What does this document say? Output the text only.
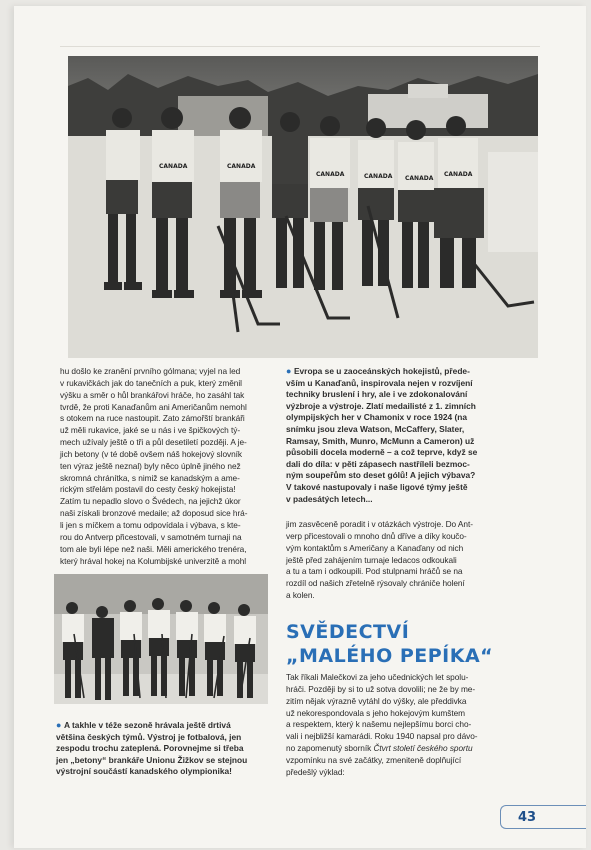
CANADA	CANADA
CANADA	CANADA CANADA
CANADA
hu došlo ke zranění prvního gólmana; vyjel na led
v rukavičkách jak do tanečních a puk, který změnil
výšku a směr o hůl brankářovi hráče, ho zasáhl tak
tvrdě, že proti Kanaďanům ani Američanům nemohl
s otokem na ruce nastoupit. Zato zámořští brankáři
už měli rukavice, jaké se u nás i ve špičkových tý-
mech užívaly ještě o tři a půl desetiletí později. A je-
jich betony (v té době ovšem náš hokejový slovník
ten výraz ještě neznal) byly něco úplně jiného než
skromná chránítka, s nimiž se kanadským a ame-
rickým střelám postavil do cesty český hokejista!
Zatím tu nepadlo slovo o Švédech, na jejichž úkor
naši získali bronzové medaile; až doposud sice hrá-
li jen s míčkem a tomu odpovídala i výbava, s kte-
rou do Antverp přicestovali, v samotném turnaji na
tom ale byli lépe než naši. Měli amerického trenéra,
který hrával hokej na Kolumbijské univerzitě a mohl
● Evropa se u zaoceánských hokejistů, přede-
vším u Kanaďanů, inspirovala nejen v rozvíjení
techniky bruslení i hry, ale i ve zdokonalování
výzbroje a výstroje. Zlatí medailisté z 1. zimních
olympijských her v Chamonix v roce 1924 (na
snímku jsou zleva Watson, McCaffery, Slater,
Ramsay, Smith, Munro, McMunn a Cameron) už
působili docela moderně – a což teprve, když se
dali do díla: v pěti zápasech nastříleli bezmoc-
ným soupeřům sto deset gólů! A jejich výbava?
V takové nastupovaly i naše ligové týmy ještě
v padesátých letech...
jim zasvěceně poradit i v otázkách výstroje. Do Ant-
verp přicestovali o mnoho dnů dříve a díky koučo-
vým kontaktům s Američany a Kanaďany od nich
ještě před zahájením turnaje ledacos odkoukali
a tu a tam i odkoupili. Pod stulpnami hráčů se na
rozdíl od našich zřetelně rýsovaly chrániče holení
a kolen.
SVĚDECTVÍ
„MALÉHO PEPÍKA“
Tak říkali Malečkovi za jeho učednických let spolu-
hráči. Později by si to už sotva dovolili; ne že by me-
zitím nějak výrazně vytáhl do výšky, ale předdivka
už nekorespondovala s jeho hokejovým kumštem
a respektem, který k našemu nejlepšímu borci cho-
vali i nejbližší kamarádi. Roku 1940 napsal pro dávo-
no zapomenutý sborník Čtvrt století českého sportu
vzpomínku na své začátky, zmeniteně doplňující
předešlý výklad:
● A takhle v téže sezoně hrávala ještě drtivá
většina českých týmů. Výstroj je fotbalová, jen
zespodu trochu zateplená. Porovnejme si třeba
jen „betony“ brankáře Unionu Žižkov se stejnou
výstrojní součástí kanadského olympionika!
43
